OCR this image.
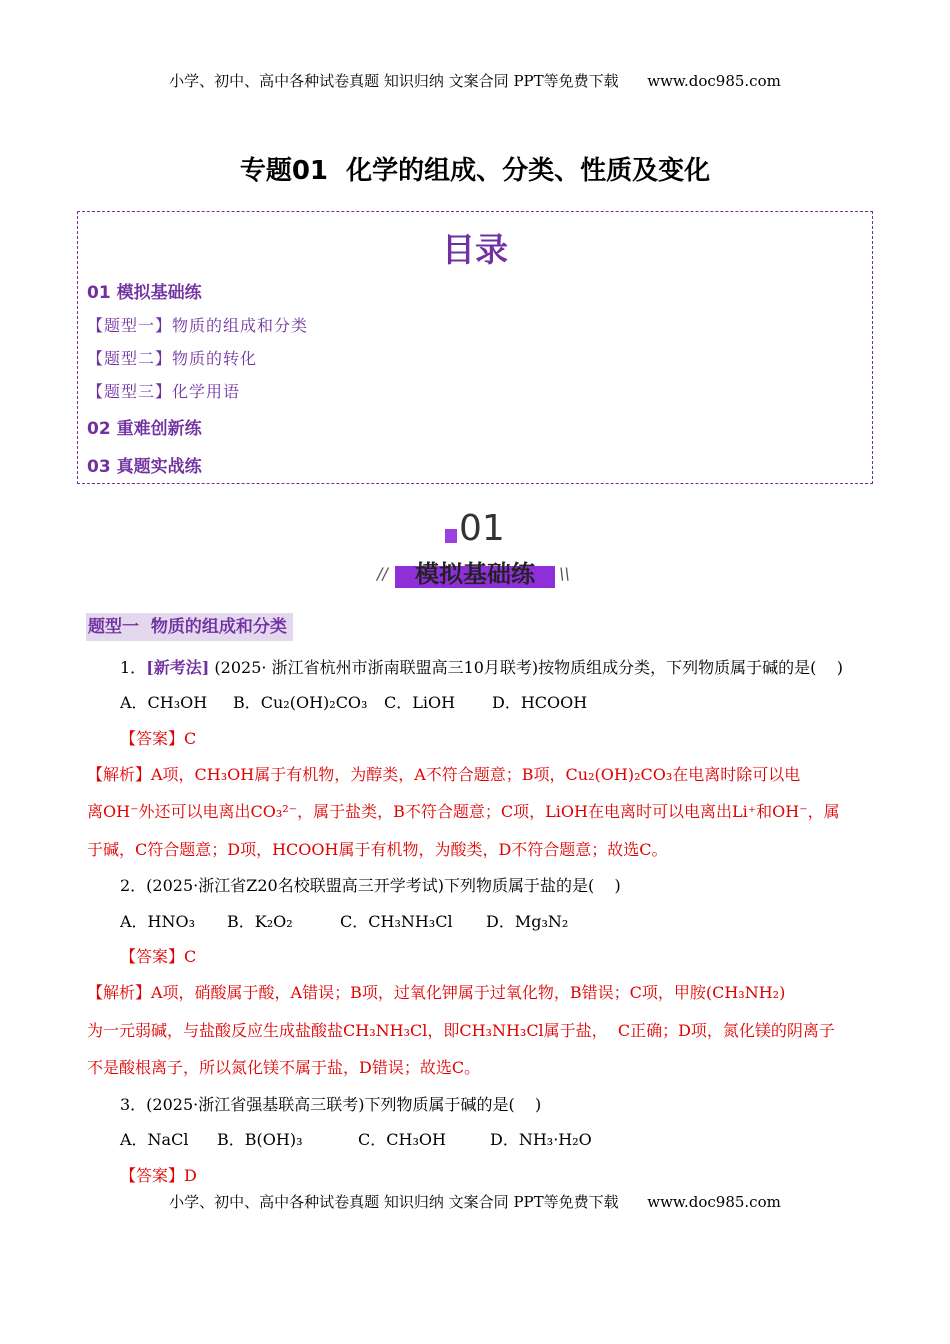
小学、初中、高中各种试卷真题 知识归纳 文案合同 PPT等免费下载      www.doc985.com
专题01  化学的组成、分类、性质及变化
目录
01 模拟基础练
【题型一】物质的组成和分类
【题型二】物质的转化
【题型三】化学用语
02 重难创新练
03 真题实战练
01
模拟基础练
//	\\
题型一  物质的组成和分类
1．[新考法] (2025· 浙江省杭州市浙南联盟高三10月联考)按物质组成分类，下列物质属于碱的是(    )
A．CH₃OH B．Cu₂(OH)₂CO₃ C．LiOH D．HCOOH
【答案】C
【解析】A项，CH₃OH属于有机物，为醇类，A不符合题意；B项，Cu₂(OH)₂CO₃在电离时除可以电
离OH⁻外还可以电离出CO₃²⁻，属于盐类，B不符合题意；C项，LiOH在电离时可以电离出Li⁺和OH⁻，属
于碱，C符合题意；D项，HCOOH属于有机物，为酸类，D不符合题意；故选C。
2．(2025·浙江省Z20名校联盟高三开学考试)下列物质属于盐的是(    )
A．HNO₃ B．K₂O₂	C．CH₃NH₃Cl D．Mg₃N₂
【答案】C
【解析】A项，硝酸属于酸，A错误；B项，过氧化钾属于过氧化物，B错误；C项，甲胺(CH₃NH₂)
为一元弱碱，与盐酸反应生成盐酸盐CH₃NH₃Cl，即CH₃NH₃Cl属于盐，  C正确；D项，氮化镁的阴离子
不是酸根离子，所以氮化镁不属于盐，D错误；故选C。
3．(2025·浙江省强基联高三联考)下列物质属于碱的是(    )
A．NaCl B．B(OH)₃	C．CH₃OH	D．NH₃·H₂O
【答案】D
小学、初中、高中各种试卷真题 知识归纳 文案合同 PPT等免费下载      www.doc985.com
